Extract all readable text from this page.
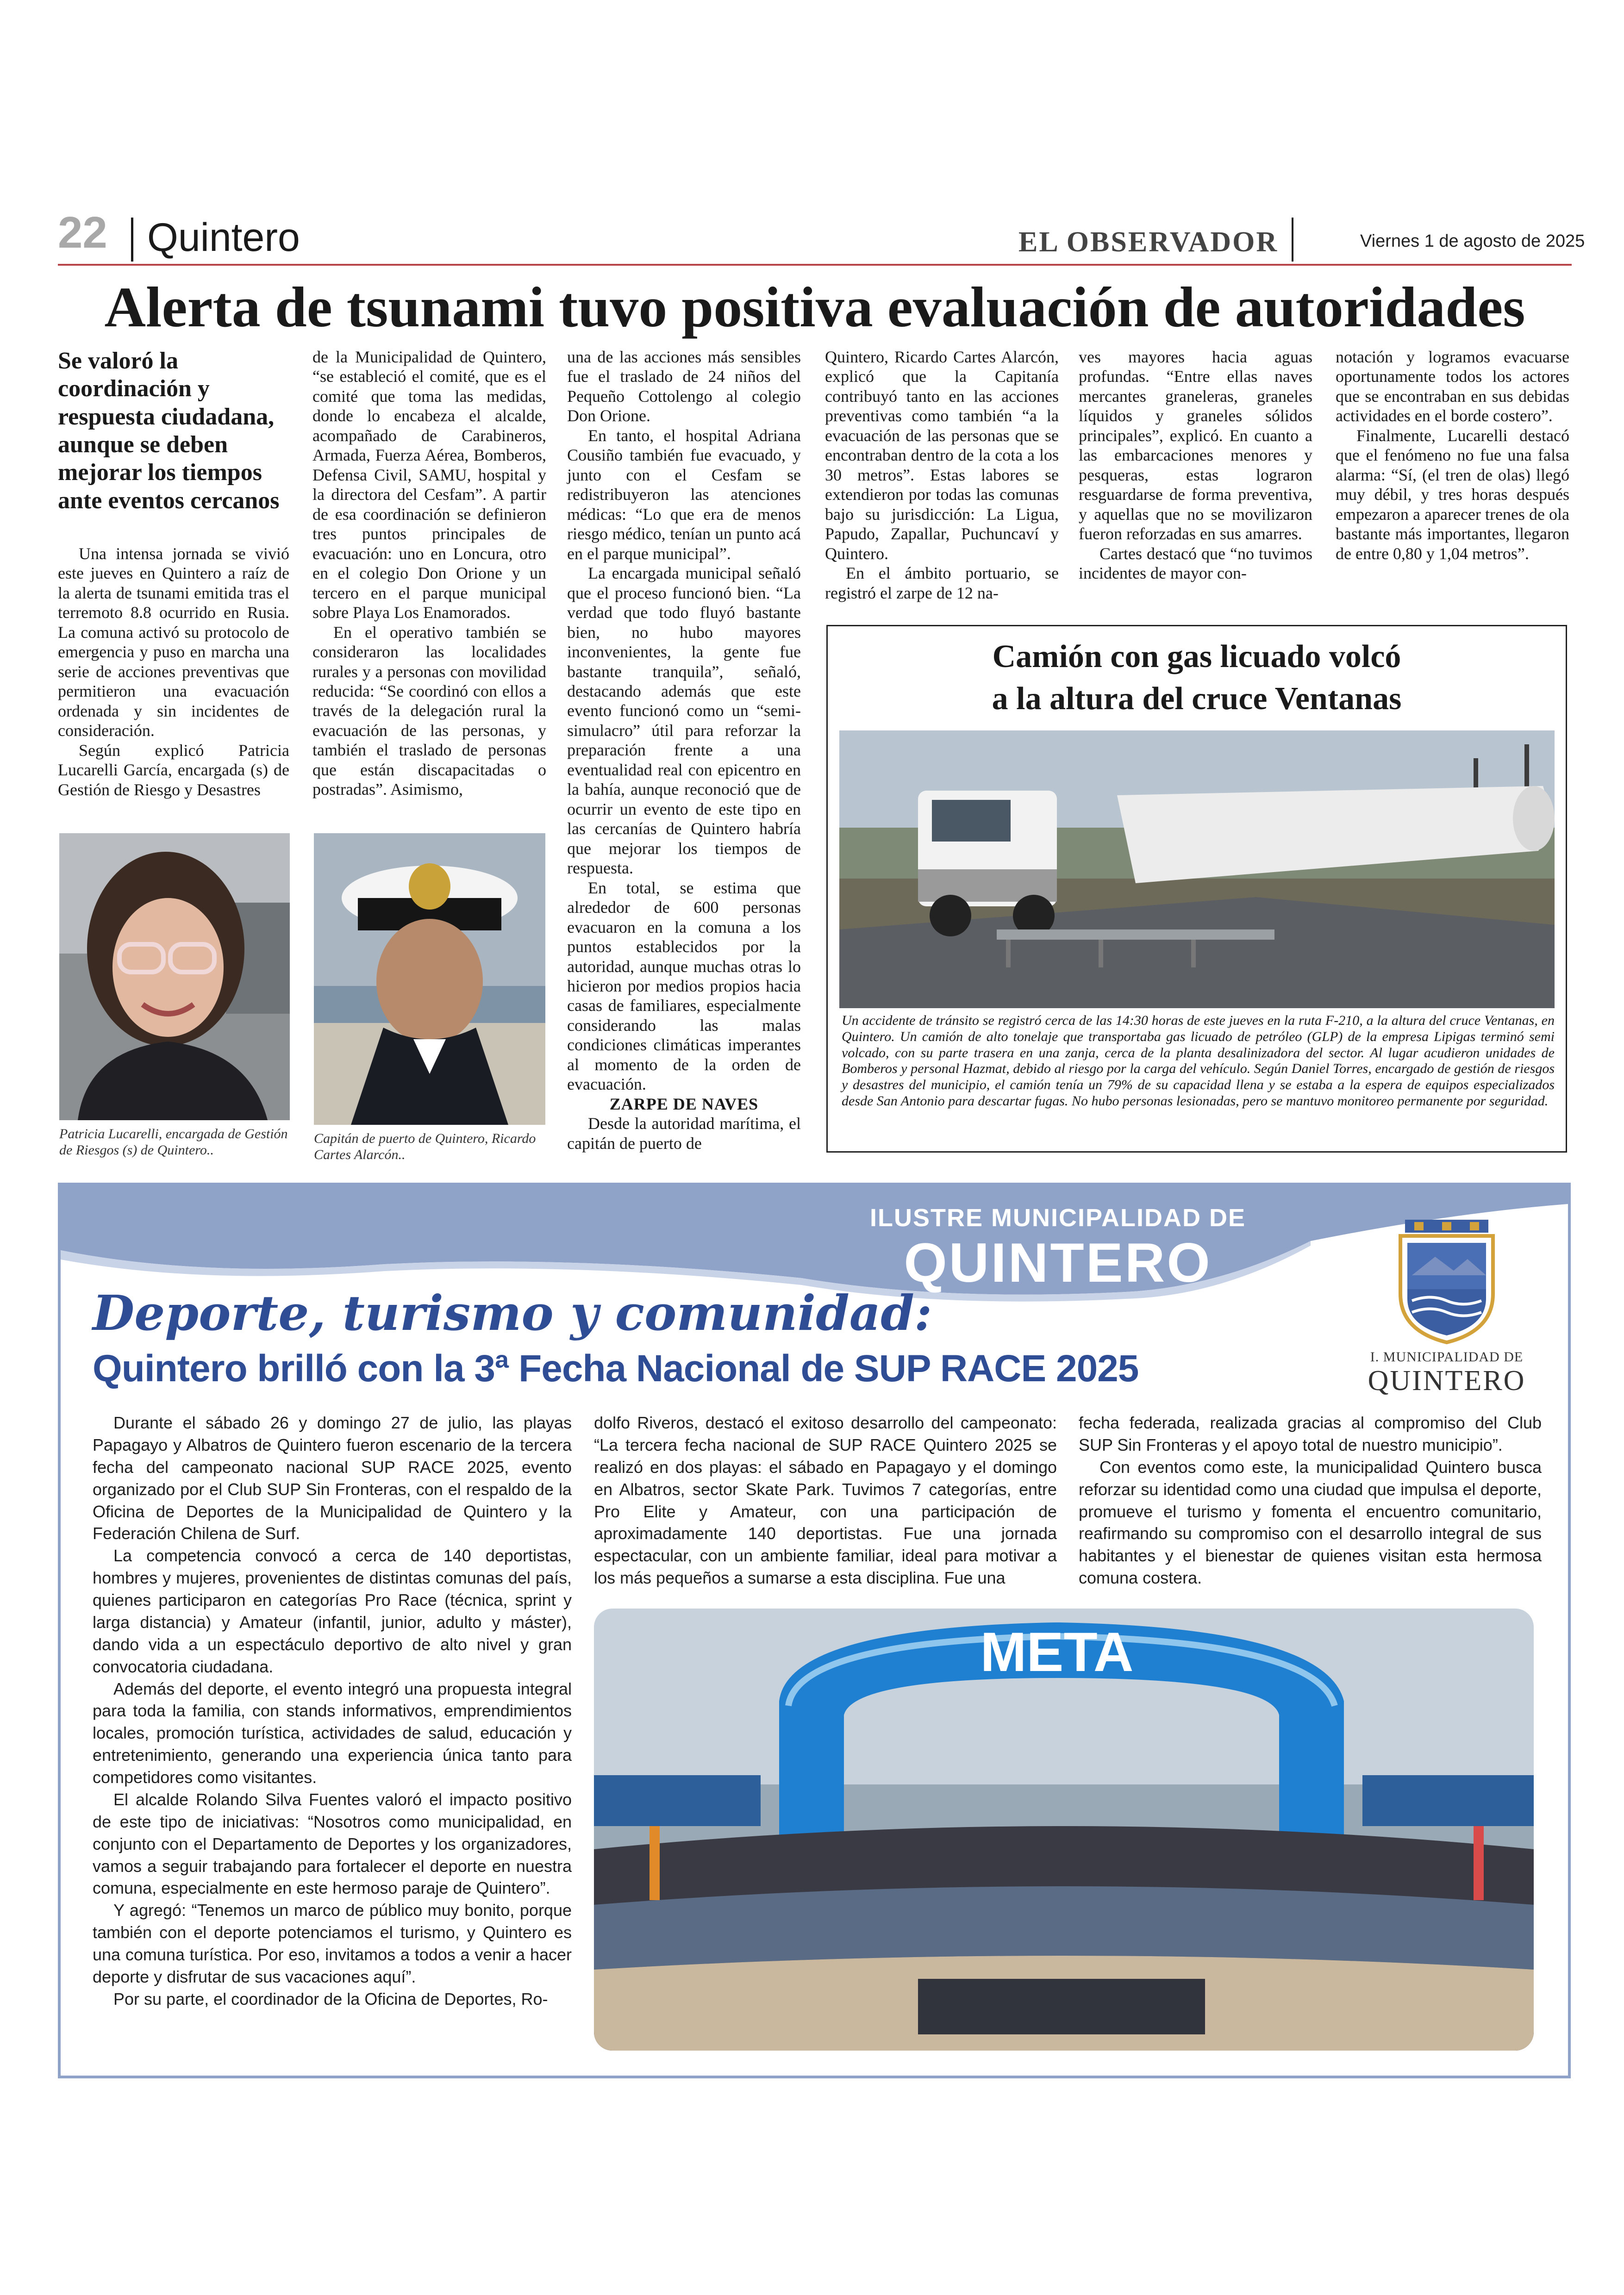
22 Quintero	EL OBSERVADOR	Viernes 1 de agosto de 2025
Alerta de tsunami tuvo positiva evaluación de autoridades
Se valoró la coordinación y respuesta ciudadana, aunque se deben mejorar los tiempos ante eventos cercanos

Una intensa jornada se vivió este jueves en Quintero a raíz de la alerta de tsunami emitida tras el terremoto 8.8 ocurrido en Rusia. La comuna activó su protocolo de emergencia y puso en marcha una serie de acciones preventivas que permitieron una evacuación ordenada y sin incidentes de consideración.

Según explicó Patricia Lucarelli García, encargada (s) de Gestión de Riesgo y Desastres

de la Municipalidad de Quintero, “se estableció el comité, que es el comité que toma las medidas, donde lo encabeza el alcalde, acompañado de Carabineros, Armada, Fuerza Aérea, Bomberos, Defensa Civil, SAMU, hospital y la directora del Cesfam”. A partir de esa coordinación se definieron tres puntos principales de evacuación: uno en Loncura, otro en el colegio Don Orione y un tercero en el parque municipal sobre Playa Los Enamorados.

En el operativo también se consideraron las localidades rurales y a personas con movilidad reducida: “Se coordinó con ellos a través de la delegación rural la evacuación de las personas, y también el traslado de personas que están discapacitadas o postradas”. Asimismo,

una de las acciones más sensibles fue el traslado de 24 niños del Pequeño Cottolengo al colegio Don Orione.

En tanto, el hospital Adriana Cousiño también fue evacuado, y junto con el Cesfam se redistribuyeron las atenciones médicas: “Lo que era de menos riesgo médico, tenían un punto acá en el parque municipal”.

La encargada municipal señaló que el proceso funcionó bien. “La verdad que todo fluyó bastante bien, no hubo mayores inconvenientes, la gente fue bastante tranquila”, señaló, destacando además que este evento funcionó como un “semi-simulacro” útil para reforzar la preparación frente a una eventualidad real con epicentro en la bahía, aunque reconoció que de ocurrir un evento de este tipo en las cercanías de Quintero habría que mejorar los tiempos de respuesta.

En total, se estima que alrededor de 600 personas evacuaron en la comuna a los puntos establecidos por la autoridad, aunque muchas otras lo hicieron por medios propios hacia casas de familiares, especialmente considerando las malas condiciones climáticas imperantes al momento de la orden de evacuación.

ZARPE DE NAVES

Desde la autoridad marítima, el capitán de puerto de

Quintero, Ricardo Cartes Alarcón, explicó que la Capitanía contribuyó tanto en las acciones preventivas como también “a la evacuación de las personas que se encontraban dentro de la cota a los 30 metros”. Estas labores se extendieron por todas las comunas bajo su jurisdicción: La Ligua, Papudo, Zapallar, Puchuncaví y Quintero.

En el ámbito portuario, se registró el zarpe de 12 na-

ves mayores hacia aguas profundas. “Entre ellas naves mercantes graneleras, graneles líquidos y graneles sólidos principales”, explicó. En cuanto a las embarcaciones menores y pesqueras, estas lograron resguardarse de forma preventiva, y aquellas que no se movilizaron fueron reforzadas en sus amarres.

Cartes destacó que “no tuvimos incidentes de mayor con-

notación y logramos evacuarse oportunamente todos los actores que se encontraban en sus debidas actividades en el borde costero”.

Finalmente, Lucarelli destacó que el fenómeno no fue una falsa alarma: “Sí, (el tren de olas) llegó muy débil, y tres horas después empezaron a aparecer trenes de ola bastante más importantes, llegaron de entre 0,80 y 1,04 metros”.

Patricia Lucarelli, encargada de Gestión de Riesgos (s) de Quintero..
Capitán de puerto de Quintero, Ricardo Cartes Alarcón..
Camión con gas licuado volcó
a la altura del cruce Ventanas
Un accidente de tránsito se registró cerca de las 14:30 horas de este jueves en la ruta F-210, a la altura del cruce Ventanas, en Quintero. Un camión de alto tonelaje que transportaba gas licuado de petróleo (GLP) de la empresa Lipigas terminó semi volcado, con su parte trasera en una zanja, cerca de la planta desalinizadora del sector. Al lugar acudieron unidades de Bomberos y personal Hazmat, debido al riesgo por la carga del vehículo. Según Daniel Torres, encargado de gestión de riesgos y desastres del municipio, el camión tenía un 79% de su capacidad llena y se estaba a la espera de equipos especializados desde San Antonio para descartar fugas. No hubo personas lesionadas, pero se mantuvo monitoreo permanente por seguridad.
ILUSTRE MUNICIPALIDAD DE
QUINTERO
I. MUNICIPALIDAD DE
QUINTERO
Deporte, turismo y comunidad:
Quintero brilló con la 3ª Fecha Nacional de SUP RACE 2025

Durante el sábado 26 y domingo 27 de julio, las playas Papagayo y Albatros de Quintero fueron escenario de la tercera fecha del campeonato nacional SUP RACE 2025, evento organizado por el Club SUP Sin Fronteras, con el respaldo de la Oficina de Deportes de la Municipalidad de Quintero y la Federación Chilena de Surf.

La competencia convocó a cerca de 140 deportistas, hombres y mujeres, provenientes de distintas comunas del país, quienes participaron en categorías Pro Race (técnica, sprint y larga distancia) y Amateur (infantil, junior, adulto y máster), dando vida a un espectáculo deportivo de alto nivel y gran convocatoria ciudadana.

Además del deporte, el evento integró una propuesta integral para toda la familia, con stands informativos, emprendimientos locales, promoción turística, actividades de salud, educación y entretenimiento, generando una experiencia única tanto para competidores como visitantes.

El alcalde Rolando Silva Fuentes valoró el impacto positivo de este tipo de iniciativas: “Nosotros como municipalidad, en conjunto con el Departamento de Deportes y los organizadores, vamos a seguir trabajando para fortalecer el deporte en nuestra comuna, especialmente en este hermoso paraje de Quintero”.

Y agregó: “Tenemos un marco de público muy bonito, porque también con el deporte potenciamos el turismo, y Quintero es una comuna turística. Por eso, invitamos a todos a venir a hacer deporte y disfrutar de sus vacaciones aquí”.

Por su parte, el coordinador de la Oficina de Deportes, Ro-

dolfo Riveros, destacó el exitoso desarrollo del campeonato: “La tercera fecha nacional de SUP RACE Quintero 2025 se realizó en dos playas: el sábado en Papagayo y el domingo en Albatros, sector Skate Park. Tuvimos 7 categorías, entre Pro Elite y Amateur, con una participación de aproximadamente 140 deportistas. Fue una jornada espectacular, con un ambiente familiar, ideal para motivar a los más pequeños a sumarse a esta disciplina. Fue una

fecha federada, realizada gracias al compromiso del Club SUP Sin Fronteras y el apoyo total de nuestro municipio”.

Con eventos como este, la municipalidad Quintero busca reforzar su identidad como una ciudad que impulsa el deporte, promueve el turismo y fomenta el encuentro comunitario, reafirmando su compromiso con el desarrollo integral de sus habitantes y el bienestar de quienes visitan esta hermosa comuna costera.

META
